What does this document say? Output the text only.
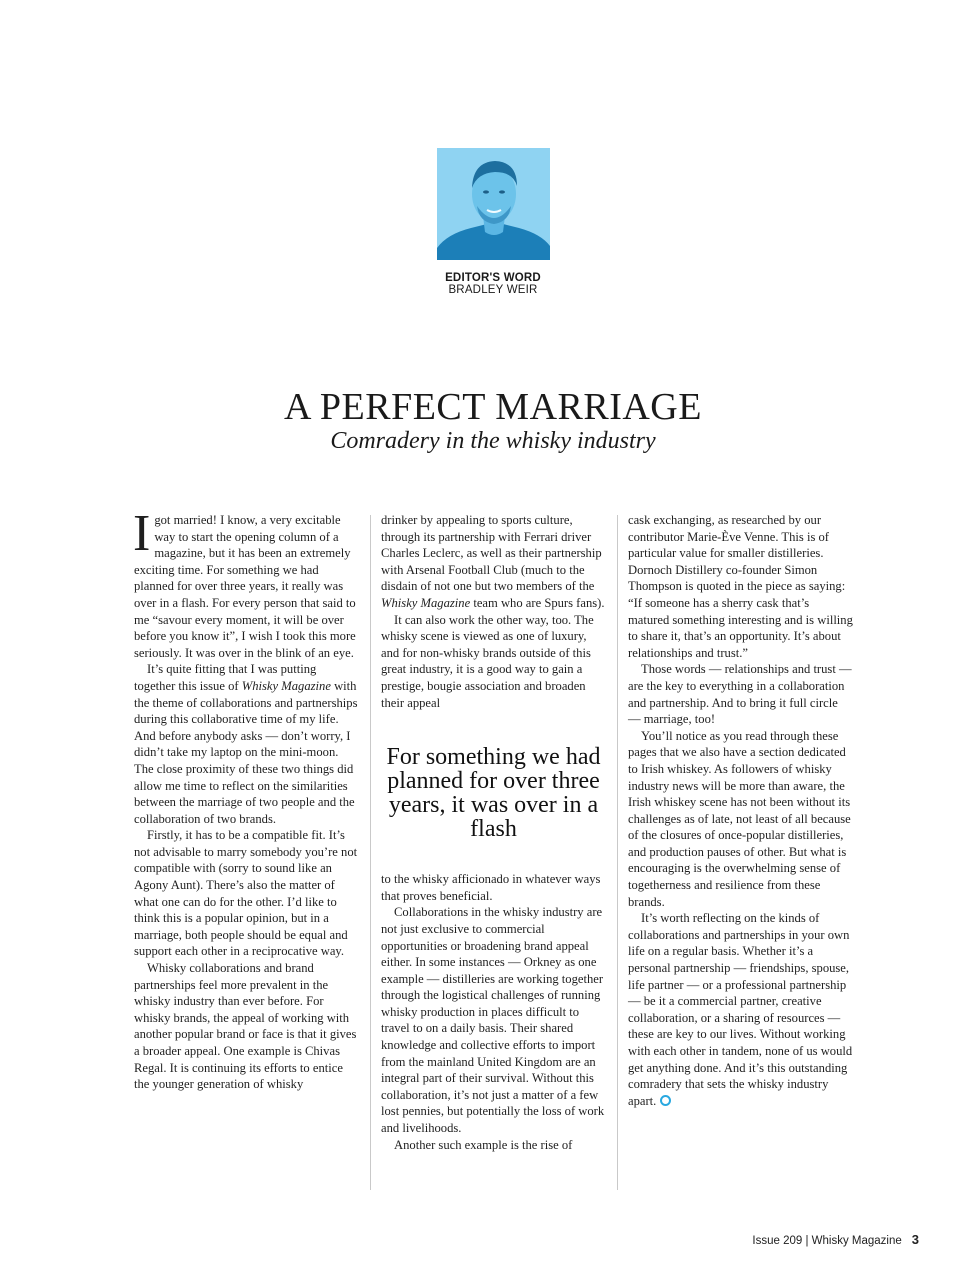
EDITOR'S WORD
BRADLEY WEIR
A PERFECT MARRIAGE
Comradery in the whisky industry

Igot married! I know, a very excitable way to start the opening column of a magazine, but it has been an extremely exciting time. For something we had planned for over three years, it really was over in a flash. For every person that said to me “savour every moment, it will be over before you know it”, I wish I took this more seriously. It was over in the blink of an eye.

It’s quite fitting that I was putting together this issue of Whisky Magazine with the theme of collaborations and partnerships during this collaborative time of my life. And before anybody asks — don’t worry, I didn’t take my laptop on the mini-moon. The close proximity of these two things did allow me time to reflect on the similarities between the marriage of two people and the collaboration of two brands.

Firstly, it has to be a compatible fit. It’s not advisable to marry somebody you’re not compatible with (sorry to sound like an Agony Aunt). There’s also the matter of what one can do for the other. I’d like to think this is a popular opinion, but in a marriage, both people should be equal and support each other in a reciprocative way.

Whisky collaborations and brand partnerships feel more prevalent in the whisky industry than ever before. For whisky brands, the appeal of working with another popular brand or face is that it gives a broader appeal. One example is Chivas Regal. It is continuing its efforts to entice the younger generation of whisky

drinker by appealing to sports culture, through its partnership with Ferrari driver Charles Leclerc, as well as their partnership with Arsenal Football Club (much to the disdain of not one but two members of the Whisky Magazine team who are Spurs fans).

It can also work the other way, too. The whisky scene is viewed as one of luxury, and for non-whisky brands outside of this great industry, it is a good way to gain a prestige, bougie association and broaden their appeal

For something we had planned for over three years, it was over in a flash

to the whisky afficionado in whatever ways that proves beneficial.

Collaborations in the whisky industry are not just exclusive to commercial opportunities or broadening brand appeal either. In some instances — Orkney as one example — distilleries are working together through the logistical challenges of running whisky production in places difficult to travel to on a daily basis. Their shared knowledge and collective efforts to import from the mainland United Kingdom are an integral part of their survival. Without this collaboration, it’s not just a matter of a few lost pennies, but potentially the loss of work and livelihoods.

Another such example is the rise of

cask exchanging, as researched by our contributor Marie-Ève Venne. This is of particular value for smaller distilleries. Dornoch Distillery co-founder Simon Thompson is quoted in the piece as saying: “If someone has a sherry cask that’s matured something interesting and is willing to share it, that’s an opportunity. It’s about relationships and trust.”

Those words — relationships and trust — are the key to everything in a collaboration and partnership. And to bring it full circle — marriage, too!

You’ll notice as you read through these pages that we also have a section dedicated to Irish whiskey. As followers of whisky industry news will be more than aware, the Irish whiskey scene has not been without its challenges as of late, not least of all because of the closures of once-popular distilleries, and production pauses of other. But what is encouraging is the overwhelming sense of togetherness and resilience from these brands.

It’s worth reflecting on the kinds of collaborations and partnerships in your own life on a regular basis. Whether it’s a personal partnership — friendships, spouse, life partner — or a professional partnership — be it a commercial partner, creative collaboration, or a sharing of resources — these are key to our lives. Without working with each other in tandem, none of us would get anything done. And it’s this outstanding comradery that sets the whisky industry apart.

Issue 209 | Whisky Magazine 3
